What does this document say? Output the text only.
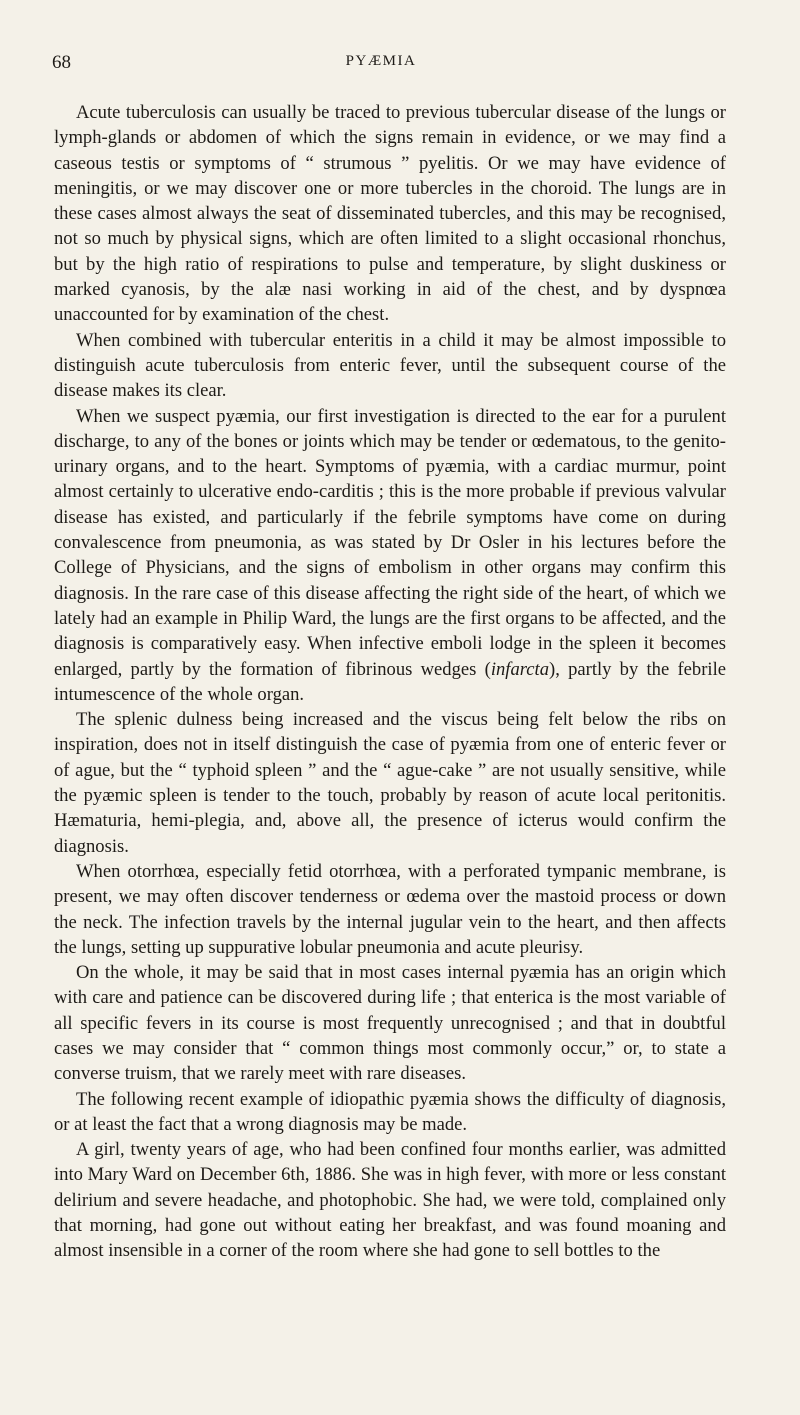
68	PYÆMIA

Acute tuberculosis can usually be traced to previous tubercular disease of the lungs or lymph-glands or abdomen of which the signs remain in evidence, or we may find a caseous testis or symptoms of “ strumous ” pyelitis. Or we may have evidence of meningitis, or we may discover one or more tubercles in the choroid. The lungs are in these cases almost always the seat of disseminated tubercles, and this may be recognised, not so much by physical signs, which are often limited to a slight occasional rhonchus, but by the high ratio of respirations to pulse and temperature, by slight duskiness or marked cyanosis, by the alæ nasi working in aid of the chest, and by dyspnœa unaccounted for by examination of the chest.

When combined with tubercular enteritis in a child it may be almost impossible to distinguish acute tuberculosis from enteric fever, until the subsequent course of the disease makes its clear.

When we suspect pyæmia, our first investigation is directed to the ear for a purulent discharge, to any of the bones or joints which may be tender or œdematous, to the genito-urinary organs, and to the heart. Symptoms of pyæmia, with a cardiac murmur, point almost certainly to ulcerative endo-carditis ; this is the more probable if previous valvular disease has existed, and particularly if the febrile symptoms have come on during convalescence from pneumonia, as was stated by Dr Osler in his lectures before the College of Physicians, and the signs of embolism in other organs may confirm this diagnosis. In the rare case of this disease affecting the right side of the heart, of which we lately had an example in Philip Ward, the lungs are the first organs to be affected, and the diagnosis is comparatively easy. When infective emboli lodge in the spleen it becomes enlarged, partly by the formation of fibrinous wedges (infarcta), partly by the febrile intumescence of the whole organ.

The splenic dulness being increased and the viscus being felt below the ribs on inspiration, does not in itself distinguish the case of pyæmia from one of enteric fever or of ague, but the “ typhoid spleen ” and the “ ague-cake ” are not usually sensitive, while the pyæmic spleen is tender to the touch, probably by reason of acute local peritonitis. Hæmaturia, hemi-plegia, and, above all, the presence of icterus would confirm the diagnosis.

When otorrhœa, especially fetid otorrhœa, with a perforated tympanic membrane, is present, we may often discover tenderness or œdema over the mastoid process or down the neck. The infection travels by the internal jugular vein to the heart, and then affects the lungs, setting up suppurative lobular pneumonia and acute pleurisy.

On the whole, it may be said that in most cases internal pyæmia has an origin which with care and patience can be discovered during life ; that enterica is the most variable of all specific fevers in its course is most frequently unrecognised ; and that in doubtful cases we may consider that “ common things most commonly occur,” or, to state a converse truism, that we rarely meet with rare diseases.

The following recent example of idiopathic pyæmia shows the difficulty of diagnosis, or at least the fact that a wrong diagnosis may be made.

A girl, twenty years of age, who had been confined four months earlier, was admitted into Mary Ward on December 6th, 1886. She was in high fever, with more or less constant delirium and severe headache, and photophobic. She had, we were told, complained only that morning, had gone out without eating her breakfast, and was found moaning and almost insensible in a corner of the room where she had gone to sell bottles to the
